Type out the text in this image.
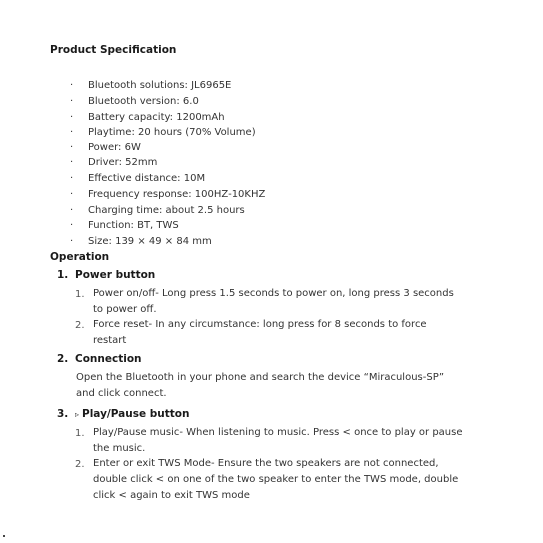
Product Specification
· Bluetooth solutions: JL6965E
· Bluetooth version: 6.0
· Battery capacity: 1200mAh
· Playtime: 20 hours (70% Volume)
· Power: 6W
· Driver: 52mm
· Effective distance: 10M
· Frequency response: 100HZ-10KHZ
· Charging time: about 2.5 hours
· Function: BT, TWS
· Size: 139 × 49 × 84 mm
Operation
1. Power button
1. Power on/off- Long press 1.5 seconds to power on, long press 3 seconds
to power off.
2. Force reset- In any circumstance: long press for 8 seconds to force
restart
2. Connection
Open the Bluetooth in your phone and search the device “Miraculous-SP”
and click connect.
3. ▹ Play/Pause button
1. Play/Pause music- When listening to music. Press < once to play or pause
the music.
2. Enter or exit TWS Mode- Ensure the two speakers are not connected,
double click < on one of the two speaker to enter the TWS mode, double
click < again to exit TWS mode
